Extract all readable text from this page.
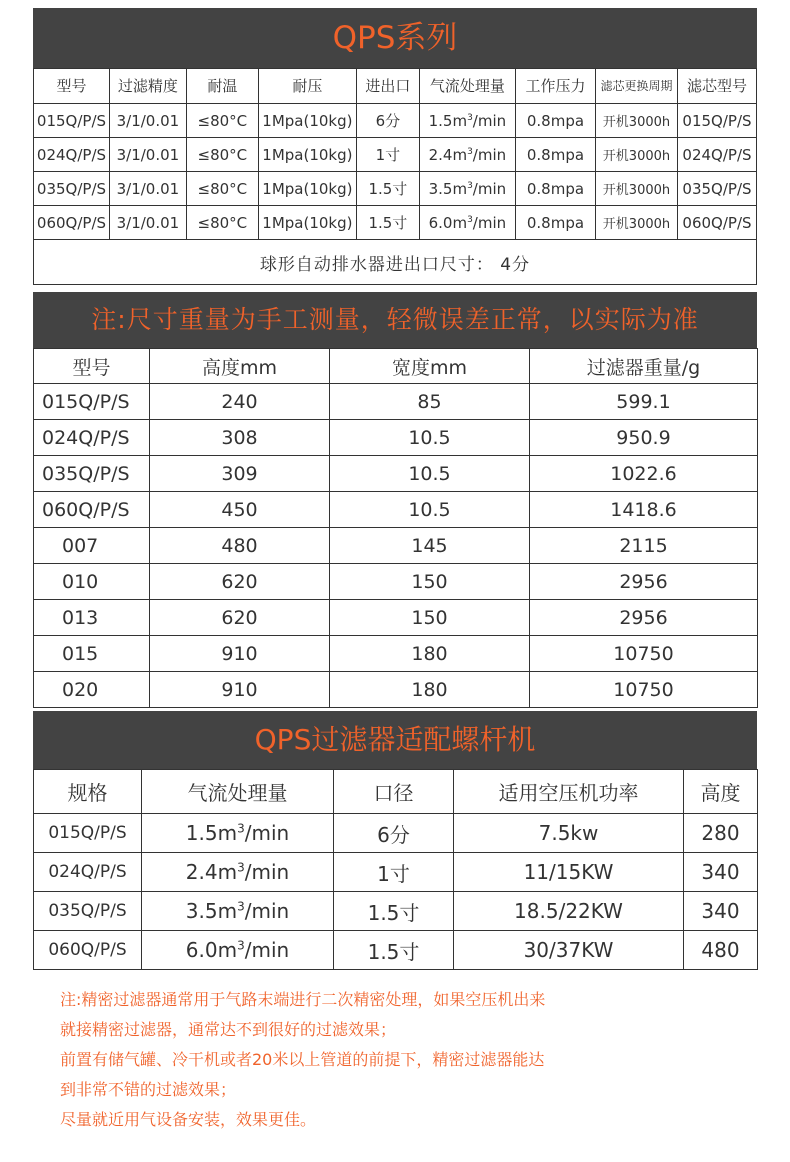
QPS系列
型号	过滤精度	耐温	耐压	进出口	气流处理量	工作压力	滤芯更换周期	滤芯型号
015Q/P/S	3/1/0.01	≤80°C	1Mpa(10kg)	6分	$1.5m^3/\min$	0.8mpa	开机3000h	015Q/P/S
024Q/P/S	3/1/0.01	≤80°C	1Mpa(10kg)	1寸	$2.4m^3/\min$	0.8mpa	开机3000h	024Q/P/S
035Q/P/S	3/1/0.01	≤80°C	1Mpa(10kg)	1.5寸	$3.5m^3/\min$	0.8mpa	开机3000h	035Q/P/S
060Q/P/S	3/1/0.01	≤80°C	1Mpa(10kg)	1.5寸	$6.0m^3/\min$	0.8mpa	开机3000h	060Q/P/S
球形自动排水器进出口尺寸： 4分								
注:尺寸重量为手工测量，轻微误差正常，以实际为准
型号	高度mm	宽度mm	过滤器重量/g
015Q/P/S	240	85	599.1
024Q/P/S	308	10.5	950.9
035Q/P/S	309	10.5	1022.6
060Q/P/S	450	10.5	1418.6
007	480	145	2115
010	620	150	2956
013	620	150	2956
015	910	180	10750
020	910	180	10750
QPS过滤器适配螺杆机
规格	气流处理量	口径	适用空压机功率	高度
015Q/P/S	$1.5m^3/\min$	6分	7.5kw	280
024Q/P/S	$2.4m^3/\min$	1寸	11/15KW	340
035Q/P/S	$3.5m^3/\min$	1.5寸	18.5/22KW	340
060Q/P/S	$6.0m^3/\min$	1.5寸	30/37KW	480

注:精密过滤器通常用于气路末端进行二次精密处理，如果空压机出来

就接精密过滤器，通常达不到很好的过滤效果；

前置有储气罐、冷干机或者20米以上管道的前提下，精密过滤器能达

到非常不错的过滤效果；

尽量就近用气设备安装，效果更佳。
